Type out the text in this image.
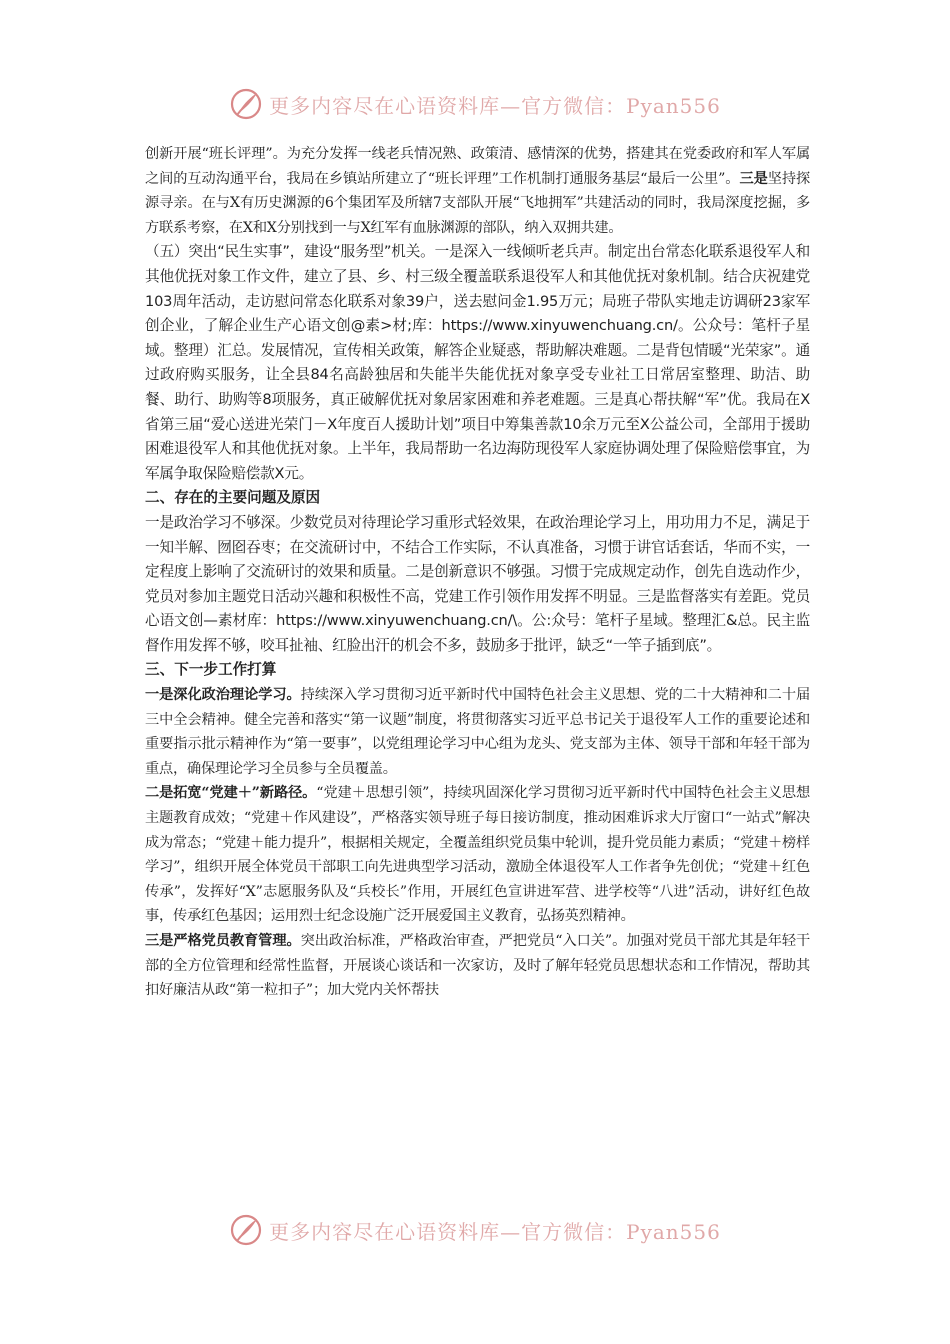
更多内容尽在心语资料库—官方微信：Pyan556

创新开展“班长评理”。为充分发挥一线老兵情况熟、政策清、感情深的优势，搭建其在党委政府和军人军属之间的互动沟通平台，我局在乡镇站所建立了“班长评理”工作机制打通服务基层“最后一公里”。三是坚持探源寻亲。在与X有历史渊源的6个集团军及所辖7支部队开展“飞地拥军”共建活动的同时，我局深度挖掘，多方联系考察，在X和X分别找到一与X红军有血脉渊源的部队，纳入双拥共建。

（五）突出“民生实事”，建设“服务型”机关。一是深入一线倾听老兵声。制定出台常态化联系退役军人和其他优抚对象工作文件，建立了县、乡、村三级全覆盖联系退役军人和其他优抚对象机制。结合庆祝建党103周年活动，走访慰问常态化联系对象39户，送去慰问金1.95万元；局班子带队实地走访调研23家军创企业，了解企业生产心语文创@素>材;库：https://www.xinyuwenchuang.cn/。公众号：笔杆子星域。整理）汇总。发展情况，宣传相关政策，解答企业疑惑，帮助解决难题。二是背包情暖“光荣家”。通过政府购买服务，让全县84名高龄独居和失能半失能优抚对象享受专业社工日常居室整理、助洁、助餐、助行、助购等8项服务，真正破解优抚对象居家困难和养老难题。三是真心帮扶解“军”优。我局在X省第三届“爱心送进光荣门－X年度百人援助计划”项目中筹集善款10余万元至X公益公司，全部用于援助困难退役军人和其他优抚对象。上半年，我局帮助一名边海防现役军人家庭协调处理了保险赔偿事宜，为军属争取保险赔偿款X元。

二、存在的主要问题及原因

一是政治学习不够深。少数党员对待理论学习重形式轻效果，在政治理论学习上，用功用力不足，满足于一知半解、囫囵吞枣；在交流研讨中，不结合工作实际，不认真准备，习惯于讲官话套话，华而不实，一定程度上影响了交流研讨的效果和质量。二是创新意识不够强。习惯于完成规定动作，创先自选动作少，党员对参加主题党日活动兴趣和积极性不高，党建工作引领作用发挥不明显。三是监督落实有差距。党员心语文创—素材库：https://www.xinyuwenchuang.cn/\。公:众号：笔杆子星域。整理汇&总。民主监督作用发挥不够，咬耳扯袖、红脸出汗的机会不多，鼓励多于批评，缺乏“一竿子插到底”。

三、下一步工作打算

一是深化政治理论学习。持续深入学习贯彻习近平新时代中国特色社会主义思想、党的二十大精神和二十届三中全会精神。健全完善和落实“第一议题”制度，将贯彻落实习近平总书记关于退役军人工作的重要论述和重要指示批示精神作为“第一要事”，以党组理论学习中心组为龙头、党支部为主体、领导干部和年轻干部为重点，确保理论学习全员参与全员覆盖。

二是拓宽“党建＋”新路径。“党建＋思想引领”，持续巩固深化学习贯彻习近平新时代中国特色社会主义思想主题教育成效；“党建＋作风建设”，严格落实领导班子每日接访制度，推动困难诉求大厅窗口“一站式”解决成为常态；“党建＋能力提升”，根据相关规定，全覆盖组织党员集中轮训，提升党员能力素质；“党建＋榜样学习”，组织开展全体党员干部职工向先进典型学习活动，激励全体退役军人工作者争先创优；“党建＋红色传承”，发挥好“X”志愿服务队及“兵校长”作用，开展红色宣讲进军营、进学校等“八进”活动，讲好红色故事，传承红色基因；运用烈士纪念设施广泛开展爱国主义教育，弘扬英烈精神。

三是严格党员教育管理。突出政治标准，严格政治审查，严把党员“入口关”。加强对党员干部尤其是年轻干部的全方位管理和经常性监督，开展谈心谈话和一次家访，及时了解年轻党员思想状态和工作情况，帮助其扣好廉洁从政“第一粒扣子”；加大党内关怀帮扶

更多内容尽在心语资料库—官方微信：Pyan556
